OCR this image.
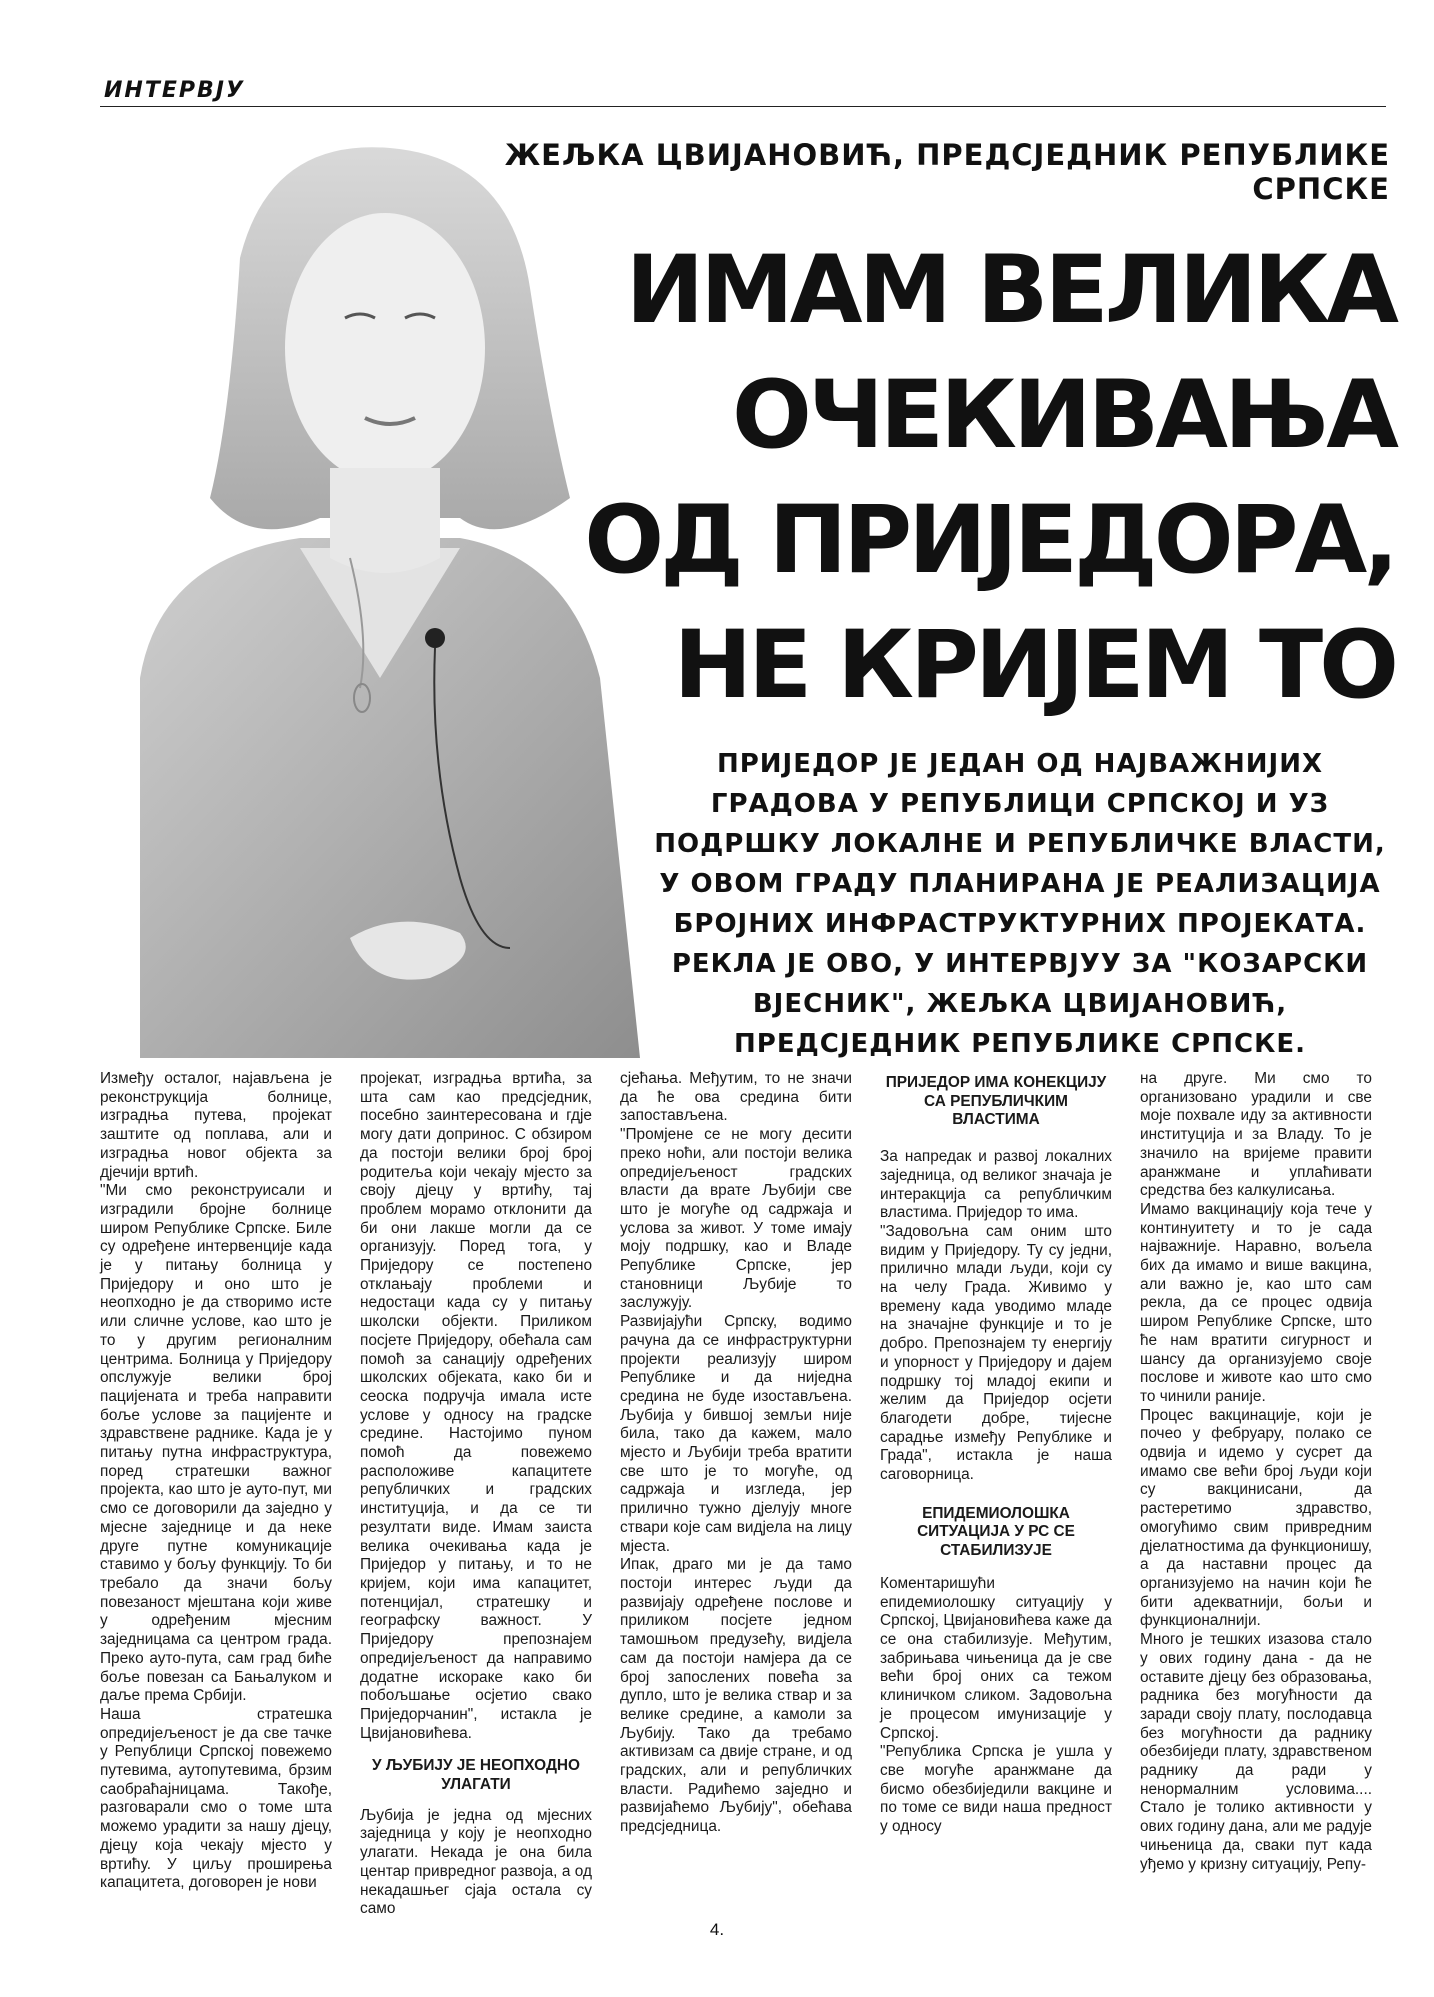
ИНТЕРВЈУ
ЖЕЉКА ЦВИЈАНОВИЋ, ПРЕДСЈЕДНИК РЕПУБЛИКЕ СРПСКЕ
ИМАМ ВЕЛИКА
ОЧЕКИВАЊА
ОД ПРИЈЕДОРА,
НЕ КРИЈЕМ ТО
ПРИЈЕДОР ЈЕ ЈЕДАН ОД НАЈВАЖНИЈИХ ГРАДОВА У РЕПУБЛИЦИ СРПСКОЈ И УЗ ПОДРШКУ ЛОКАЛНЕ И РЕПУБЛИЧКЕ ВЛАСТИ, У ОВОМ ГРАДУ ПЛАНИРАНА ЈЕ РЕАЛИЗАЦИЈА БРОЈНИХ ИНФРАСТРУКТУРНИХ ПРОЈЕКАТА. РЕКЛА ЈЕ ОВО, У ИНТЕРВЈУУ ЗА "КОЗАРСКИ ВЈЕСНИК", ЖЕЉКА ЦВИЈАНОВИЋ, ПРЕДСЈЕДНИК РЕПУБЛИКЕ СРПСКЕ.

Између осталог, најављена је реконструкција болнице, изградња путева, пројекат заштите од поплава, али и изградња новог објекта за дјечији вртић.

"Ми смо реконструисали и изградили бројне болнице широм Републике Српске. Биле су одређене интервенције када је у питању болница у Приједору и оно што је неопходно је да створимо исте или сличне услове, као што је то у другим регионалним центрима. Болница у Приједору опслужује велики број пацијената и треба направити боље услове за пацијенте и здравствене раднике. Када је у питању путна инфраструктура, поред стратешки важног пројекта, као што је ауто-пут, ми смо се договорили да заједно у мјесне заједнице и да неке друге путне комуникације ставимо у бољу функцију. То би требало да значи бољу повезаност мјештана који живе у одређеним мјесним заједницама са центром града. Преко ауто-пута, сам град биће боље повезан са Бањалуком и даље према Србији.

Наша стратешка опредијељеност је да све тачке у Републици Српској повежемо путевима, аутопутевима, брзим саобраћајницама. Такође, разговарали смо о томе шта можемо урадити за нашу дјецу, дјецу која чекају мјесто у вртићу. У циљу проширења капацитета, договорен је нови

пројекат, изградња вртића, за шта сам као предсједник, посебно заинтересована и гдје могу дати допринос. С обзиром да постоји велики број број родитеља који чекају мјесто за своју дјецу у вртићу, тај проблем морамо отклонити да би они лакше могли да се организују. Поред тога, у Приједору се постепено отклањају проблеми и недостаци када су у питању школски објекти. Приликом посјете Приједору, обећала сам помоћ за санацију одређених школских објеката, како би и сеоска подручја имала исте услове у односу на градске средине. Настојимо пуном помоћ да повежемо расположиве капацитете републичких и градских институција, и да се ти резултати виде. Имам заиста велика очекивања када је Приједор у питању, и то не кријем, који има капацитет, потенцијал, стратешку и географску важност. У Приједору препознајем опредијељеност да направимо додатне искораке како би побољшање осјетио свако Приједорчанин", истакла је Цвијановићева.

У ЉУБИЈУ ЈЕ НЕОПХОДНО УЛАГАТИ

Љубија је једна од мјесних заједница у коју је неопходно улагати. Некада је она била центар привредног развоја, а од некадашњег сјаја остала су само

сјећања. Међутим, то не значи да ће ова средина бити запостављена.

"Промјене се не могу десити преко ноћи, али постоји велика опредијељеност градских власти да врате Љубији све што је могуће од садржаја и услова за живот. У томе имају моју подршку, као и Владе Републике Српске, јер становници Љубије то заслужују.

Развијајући Српску, водимо рачуна да се инфраструктурни пројекти реализују широм Републике и да ниједна средина не буде изостављена. Љубија у бившој земљи није била, тако да кажем, мало мјесто и Љубији треба вратити све што је то могуће, од садржаја и изгледа, јер прилично тужно дјелују многе ствари које сам видјела на лицу мјеста.

Ипак, драго ми је да тамо постоји интерес људи да развијају одређене послове и приликом посјете једном тамошњом предузећу, видјела сам да постоји намјера да се број запослених повећа за дупло, што је велика ствар и за велике средине, а камоли за Љубију. Тако да требамо активизам са двије стране, и од градских, али и републичких власти. Радићемо заједно и развијаћемо Љубију", обећава предсједница.

ПРИЈЕДОР ИМА КОНЕКЦИЈУ СА РЕПУБЛИЧКИМ ВЛАСТИМА

За напредак и развој локалних заједница, од великог значаја је интеракција са републичким властима. Приједор то има.

"Задовољна сам оним што видим у Приједору. Ту су једни, прилично млади људи, који су на челу Града. Живимо у времену када уводимо младе на значајне функције и то је добро. Препознајем ту енергију и упорност у Приједору и дајем подршку тој младој екипи и желим да Приједор осјети благодети добре, тијесне сарадње између Републике и Града", истакла је наша саговорница.

ЕПИДЕМИОЛОШКА СИТУАЦИЈА У РС СЕ СТАБИЛИЗУЈЕ

Коментаришући епидемиолошку ситуацију у Српској, Цвијановићева каже да се она стабилизује. Међутим, забрињава чињеница да је све већи број оних са тежом клиничком сликом. Задовољна је процесом имунизације у Српској.

"Република Српска је ушла у све могуће аранжмане да бисмо обезбиједили вакцине и по томе се види наша предност у односу

на друге. Ми смо то организовано урадили и све моје похвале иду за активности институција и за Владу. То је значило на вријеме правити аранжмане и уплаћивати средства без калкулисања.

Имамо вакцинацију која тече у континуитету и то је сада најважније. Наравно, вољела бих да имамо и више вакцина, али важно је, као што сам рекла, да се процес одвија широм Републике Српске, што ће нам вратити сигурност и шансу да организујемо своје послове и животе као што смо то чинили раније.

Процес вакцинације, који је почео у фебруару, полако се одвија и идемо у сусрет да имамо све већи број људи који су вакцинисани, да растеретимо здравство, омогућимо свим привредним дјелатностима да функционишу, а да наставни процес да организујемо на начин који ће бити адекватнији, бољи и функционалнији.

Много је тешких изазова стало у ових годину дана - да не оставите дјецу без образовања, радника без могућности да заради своју плату, послодавца без могућности да раднику обезбиједи плату, здравственом раднику да ради у ненормалним условима.... Стало је толико активности у ових годину дана, али ме радује чињеница да, сваки пут када уђемо у кризну ситуацију, Репу-

4.
